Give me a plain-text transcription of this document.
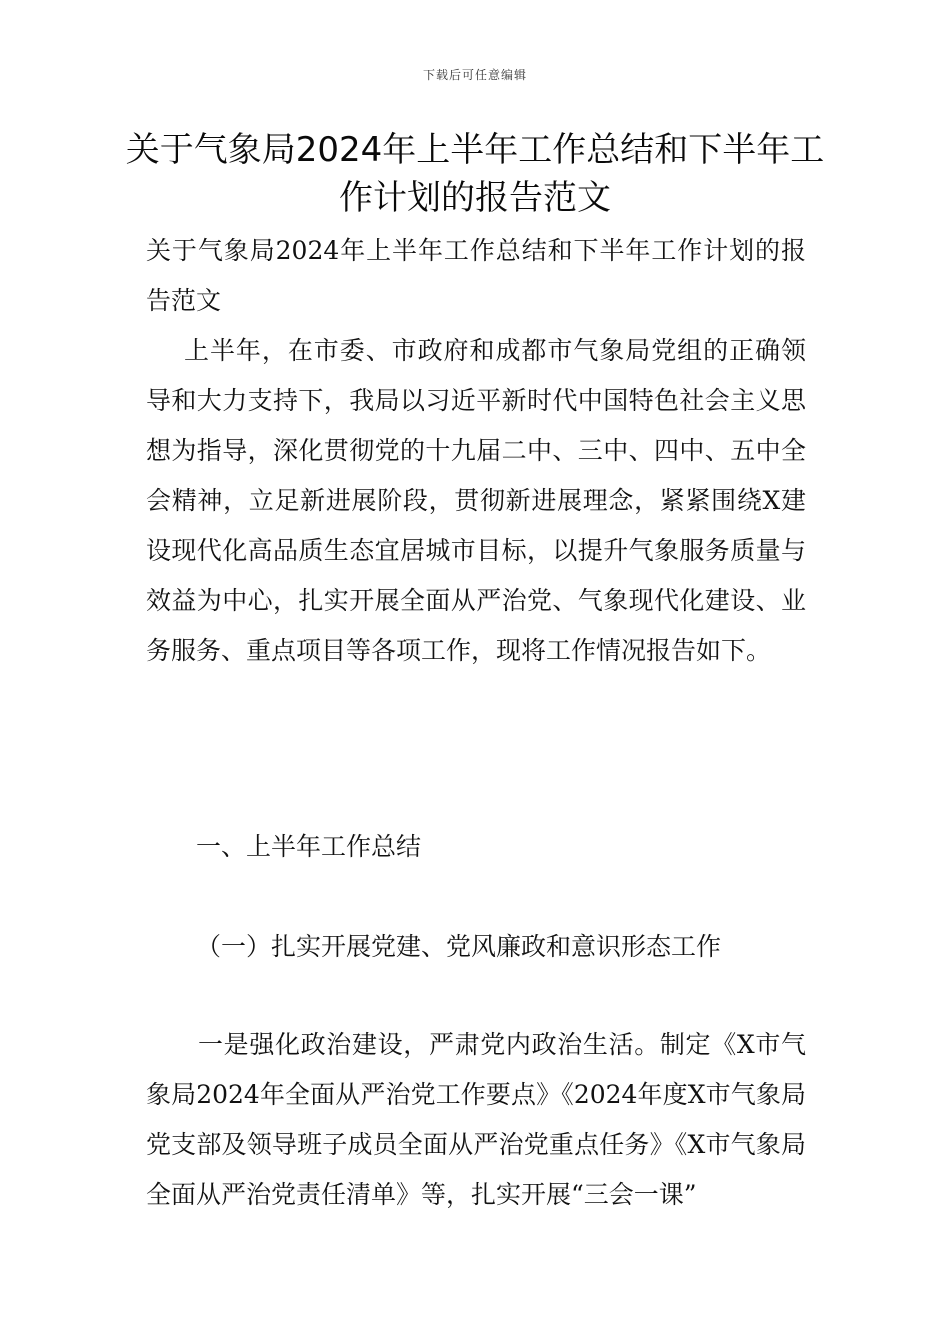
下载后可任意编辑
关于气象局2024年上半年工作总结和下半年工作计划的报告范文

关于气象局2024年上半年工作总结和下半年工作计划的报告范文

上半年，在市委、市政府和成都市气象局党组的正确领导和大力支持下，我局以习近平新时代中国特色社会主义思想为指导，深化贯彻党的十九届二中、三中、四中、五中全会精神，立足新进展阶段，贯彻新进展理念，紧紧围绕X建设现代化高品质生态宜居城市目标，以提升气象服务质量与效益为中心，扎实开展全面从严治党、气象现代化建设、业务服务、重点项目等各项工作，现将工作情况报告如下。

一、上半年工作总结

（一）扎实开展党建、党风廉政和意识形态工作

一是强化政治建设，严肃党内政治生活。制定《X市气象局2024年全面从严治党工作要点》《2024年度X市气象局党支部及领导班子成员全面从严治党重点任务》《X市气象局全面从严治党责任清单》等，扎实开展“三会一课”
